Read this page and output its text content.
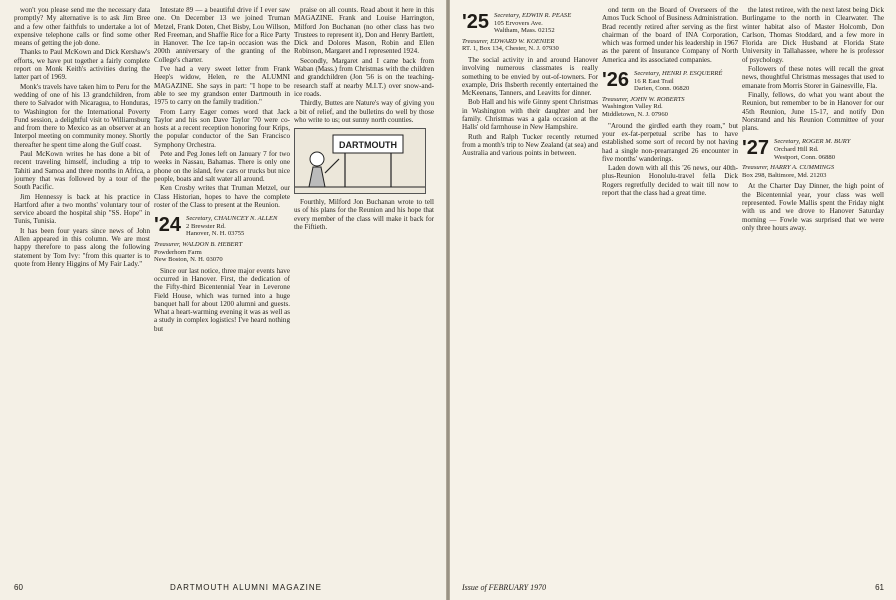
won't you please send me the necessary data promptly? My alternative is to ask Jim Bree and a few other faithfuls to undertake a lot of expensive telephone calls or find some other means of getting the job done.

Thanks to Paul McKown and Dick Kershaw's efforts, we have put together a fairly complete report on Monk Keith's activities during the latter part of 1969.

Monk's travels have taken him to Peru for the wedding of one of his 13 grandchildren, from there to Salvador with Nicaragua, to Honduras, to Washington for the International Poverty Fund session, a delightful visit to Williamsburg and from there to Mexico as an observer at an Interpol meeting on community money. Shortly thereafter he spent time along the Gulf coast.

Paul McKown writes he has done a bit of recent traveling himself, including a trip to Tahiti and Samoa and three months in Africa, a journey that was followed by a tour of the South Pacific.

Jim Hennessy is back at his practice in Hartford after a two months' voluntary tour of service aboard the hospital ship "SS. Hope" in Tunis, Tunisia.

It has been four years since news of John Allen appeared in this column. We are most happy therefore to pass along the following statement by Tom Ivy: "from this quarter is to quote from Henry Higgins of My Fair Lady."

Intestate 89 — a beautiful drive if I ever saw one. On December 13 we joined Truman Metzel, Frank Doten, Chet Bisby, Lou Willson, Red Freeman, and Shaffie Rice for a Rice Party in Hanover. The Ice tap-in occasion was the 200th anniversary of the granting of the College's charter.

I've had a very sweet letter from Frank Heep's widow, Helen, re the ALUMNI MAGAZINE. She says in part: "I hope to be able to see my grandson enter Dartmouth in 1975 to carry on the family tradition."

From Larry Eager comes word that Jack Taylor and his son Dave Taylor '70 were co-hosts at a recent reception honoring four Krips, the popular conductor of the San Francisco Symphony Orchestra.

Pete and Peg Jones left on January 7 for two weeks in Nassau, Bahamas. There is only one phone on the island, few cars or trucks but nice people, boats and salt water all around.

Ken Crosby writes that Truman Metzel, our Class Historian, hopes to have the complete roster of the Class to present at the Reunion.

'24 Secretary, CHAUNCEY N. ALLEN
2 Brewster Rd.
Hanover, N. H. 03755
Treasurer, WALDON B. HEBERT
Powderhorn Farm
New Boston, N. H. 03070

Since our last notice, three major events have occurred in Hanover. First, the dedication of the Fifty-third Bicentennial Year in Leverone Field House, which was turned into a huge banquet hall for about 1200 alumni and guests. What a heart-warming evening it was as well as a study in complex logistics! I've heard nothing but

praise on all counts. Read about it here in this MAGAZINE. Frank and Louise Harrington, Milford Jon Buchanan (no other class has two Trustees to represent it), Don and Henry Bartlett, Dick and Dolores Mason, Robin and Ellen Robinson, Margaret and I represented 1924.

Secondly, Margaret and I came back from Waban (Mass.) from Christmas with the children and grandchildren (Jon '56 is on the teaching-research staff at nearby M.I.T.) over snow-and-ice roads.

Thirdly, Buttes are Nature's way of giving you a bit of relief, and the bulletins do well by those who write to us; out sunny north counties.

DARTMOUTH

Fourthly, Milford Jon Buchanan wrote to tell us of his plans for the Reunion and his hope that every member of the class will make it back for the Fiftieth.

60	DARTMOUTH ALUMNI MAGAZINE
'25 Secretary, EDWIN R. PEASE
105 Ervovers Ave.
Waltham, Mass. 02152
Treasurer, EDWARD W. KOENIER
RT. 1, Box 134, Chester, N. J. 07930

The social activity in and around Hanover involving numerous classmates is really something to be envied by out-of-towners. For example, Dris Ihsberth recently entertained the McKeenans, Tanners, and Leavitts for dinner.

Bob Hall and his wife Ginny spent Christmas in Washington with their daughter and her family. Christmas was a gala occasion at the Halls' old farmhouse in New Hampshire.

Ruth and Ralph Tucker recently returned from a month's trip to New Zealand (at sea) and Australia and various points in between.

ond term on the Board of Overseers of the Amos Tuck School of Business Administration. Brad recently retired after serving as the first chairman of the board of INA Corporation, which was formed under his leadership in 1967 as the parent of Insurance Company of North America and its associated companies.

'26 Secretary, HENRI P. ESQUERRÉ
16 R East Trail
Darien, Conn. 06820
Treasurer, JOHN W. ROBERTS
Washington Valley Rd.
Middletown, N. J. 07960

"Around the girdled earth they roam," but your ex-fat-perpetual scribe has to have established some sort of record by not having had a single non-prearranged 26 encounter in five months' wanderings.

Laden down with all this '26 news, our 40th-plus-Reunion Honolulu-travel fella Dick Rogers regretfully decided to wait till now to report that the class had a great time.

the latest retiree, with the next latest being Dick Burlingame to the north in Clearwater. The winter habitat also of Master Holcomb, Don Carlson, Thomas Stoddard, and a few more in Florida are Dick Husband at Florida State University in Tallahassee, where he is professor of psychology.

Followers of these notes will recall the great news, thoughtful Christmas messages that used to emanate from Morris Storer in Gainesville, Fla.

Finally, fellows, do what you want about the Reunion, but remember to be in Hanover for our 45th Reunion, June 15-17, and notify Don Norstrand and his Reunion Committee of your plans.

'27 Secretary, ROGER M. BURY
Orchard Hill Rd.
Westport, Conn. 06880
Treasurer, HARRY A. CUMMINGS
Box 298, Baltimore, Md. 21203

At the Charter Day Dinner, the high point of the Bicentennial year, your class was well represented. Fowle Mallis spent the Friday night with us and we drove to Hanover Saturday morning — Fowle was surprised that we were only three hours away.

Issue of FEBRUARY 1970	61
